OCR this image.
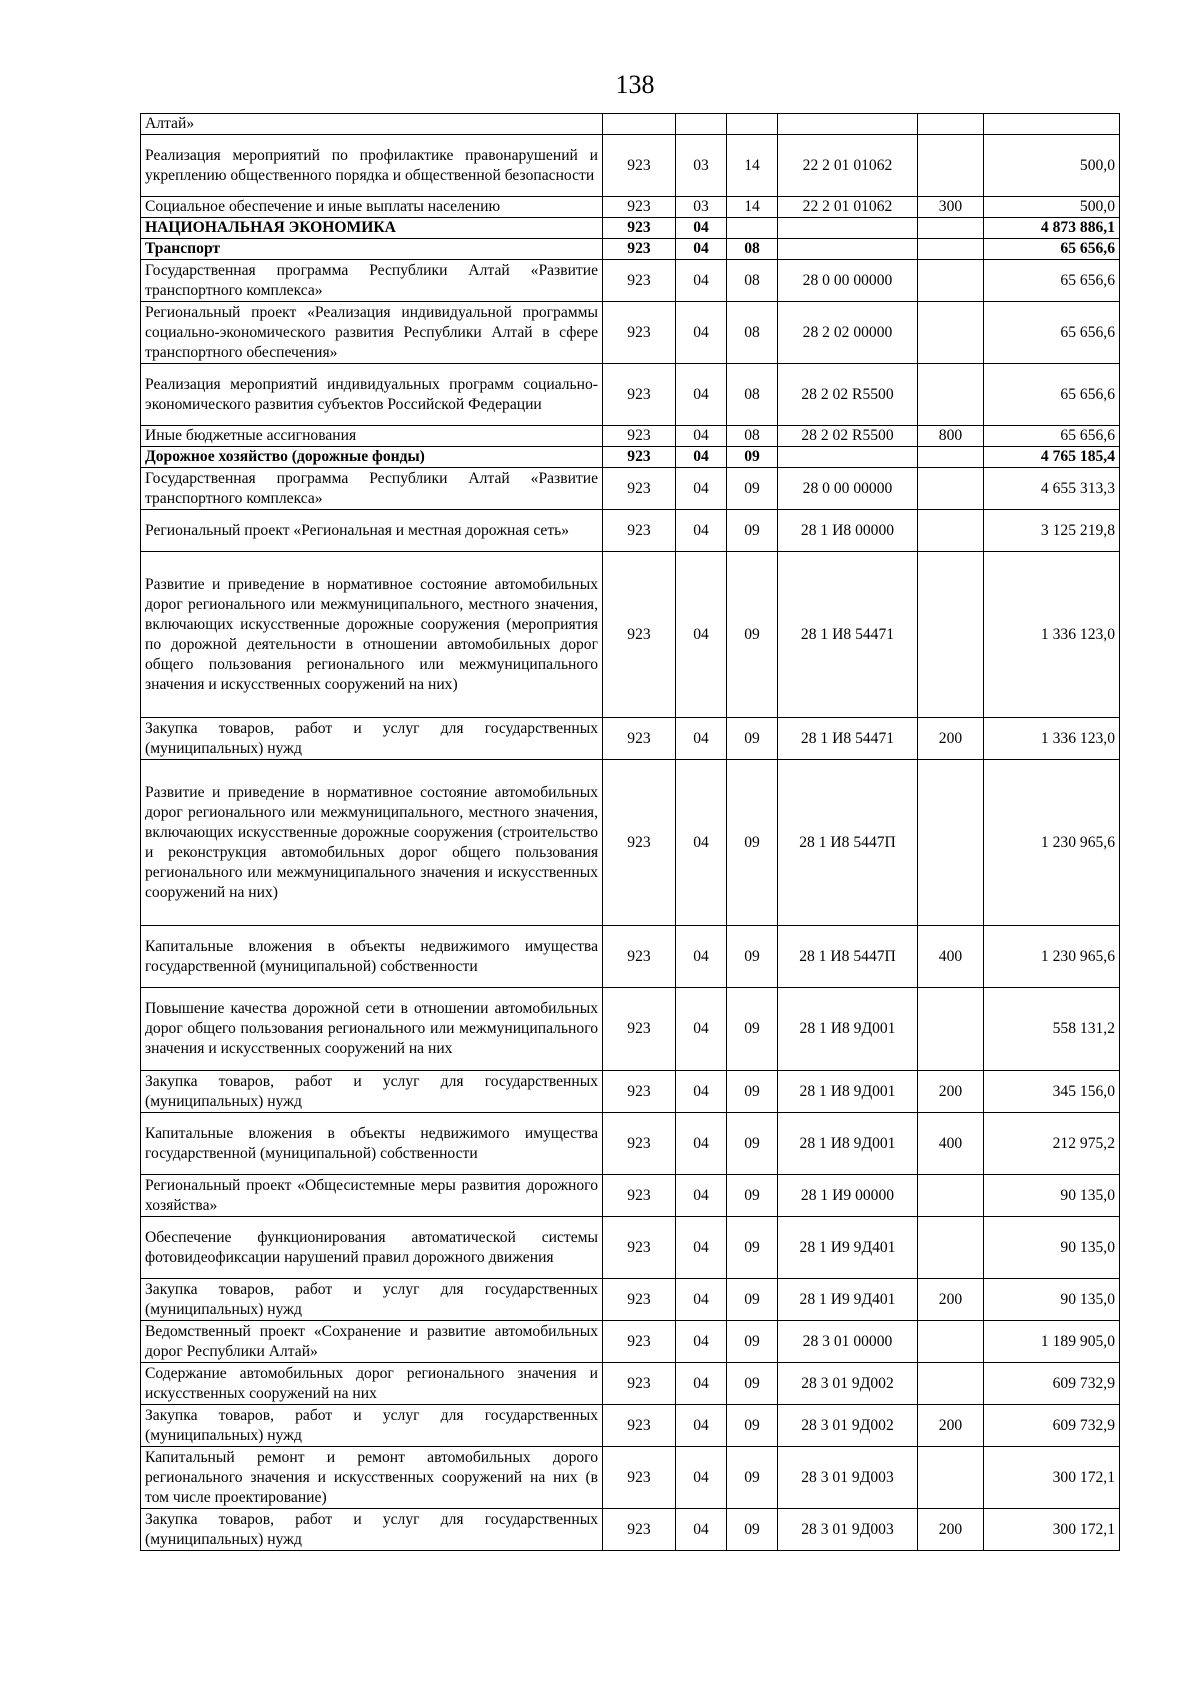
138
Алтай»						
Реализация мероприятий по профилактике правонарушений и укреплению общественного порядка и общественной безопасности	923	03	14	22 2 01 01062		500,0
Социальное обеспечение и иные выплаты населению	923	03	14	22 2 01 01062	300	500,0
НАЦИОНАЛЬНАЯ ЭКОНОМИКА	923	04				4 873 886,1
Транспорт	923	04	08			65 656,6
Государственная программа Республики Алтай «Развитие транспортного комплекса»	923	04	08	28 0 00 00000		65 656,6
Региональный проект «Реализация индивидуальной программы социально-экономического развития Республики Алтай в сфере транспортного обеспечения»	923	04	08	28 2 02 00000		65 656,6
Реализация мероприятий индивидуальных программ социально-экономического развития субъектов Российской Федерации	923	04	08	28 2 02 R5500		65 656,6
Иные бюджетные ассигнования	923	04	08	28 2 02 R5500	800	65 656,6
Дорожное хозяйство (дорожные фонды)	923	04	09			4 765 185,4
Государственная программа Республики Алтай «Развитие транспортного комплекса»	923	04	09	28 0 00 00000		4 655 313,3
Региональный проект «Региональная и местная дорожная сеть»	923	04	09	28 1 И8 00000		3 125 219,8
Развитие и приведение в нормативное состояние автомобильных дорог регионального или межмуниципального, местного значения, включающих искусственные дорожные сооружения (мероприятия по дорожной деятельности в отношении автомобильных дорог общего пользования регионального или межмуниципального значения и искусственных сооружений на них)	923	04	09	28 1 И8 54471		1 336 123,0
Закупка товаров, работ и услуг для государственных (муниципальных) нужд	923	04	09	28 1 И8 54471	200	1 336 123,0
Развитие и приведение в нормативное состояние автомобильных дорог регионального или межмуниципального, местного значения, включающих искусственные дорожные сооружения (строительство и реконструкция автомобильных дорог общего пользования регионального или межмуниципального значения и искусственных сооружений на них)	923	04	09	28 1 И8 5447П		1 230 965,6
Капитальные вложения в объекты недвижимого имущества государственной (муниципальной) собственности	923	04	09	28 1 И8 5447П	400	1 230 965,6
Повышение качества дорожной сети в отношении автомобильных дорог общего пользования регионального или межмуниципального значения и искусственных сооружений на них	923	04	09	28 1 И8 9Д001		558 131,2
Закупка товаров, работ и услуг для государственных (муниципальных) нужд	923	04	09	28 1 И8 9Д001	200	345 156,0
Капитальные вложения в объекты недвижимого имущества государственной (муниципальной) собственности	923	04	09	28 1 И8 9Д001	400	212 975,2
Региональный проект «Общесистемные меры развития дорожного хозяйства»	923	04	09	28 1 И9 00000		90 135,0
Обеспечение функционирования автоматической системы фотовидеофиксации нарушений правил дорожного движения	923	04	09	28 1 И9 9Д401		90 135,0
Закупка товаров, работ и услуг для государственных (муниципальных) нужд	923	04	09	28 1 И9 9Д401	200	90 135,0
Ведомственный проект «Сохранение и развитие автомобильных дорог Республики Алтай»	923	04	09	28 3 01 00000		1 189 905,0
Содержание автомобильных дорог регионального значения и искусственных сооружений на них	923	04	09	28 3 01 9Д002		609 732,9
Закупка товаров, работ и услуг для государственных (муниципальных) нужд	923	04	09	28 3 01 9Д002	200	609 732,9
Капитальный ремонт и ремонт автомобильных дорого регионального значения и искусственных сооружений на них (в том числе проектирование)	923	04	09	28 3 01 9Д003		300 172,1
Закупка товаров, работ и услуг для государственных (муниципальных) нужд	923	04	09	28 3 01 9Д003	200	300 172,1
